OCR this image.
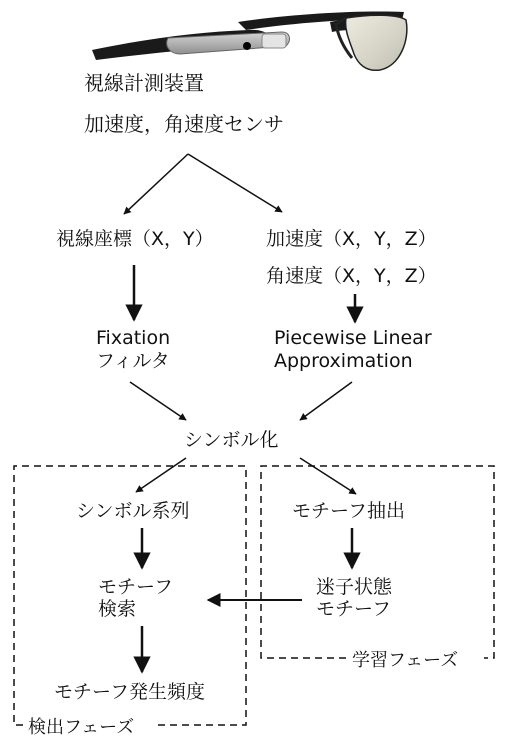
視線計測装置
加速度，角速度センサ
視線座標（X，Y）	加速度（X，Y，Z）
角速度（X，Y，Z）
Fixation
フィルタ
Piecewise Linear
Approximation
シンボル化
シンボル系列
モチーフ
検索
モチーフ発生頻度
モチーフ抽出
迷子状態
モチーフ
検出フェーズ
学習フェーズ
